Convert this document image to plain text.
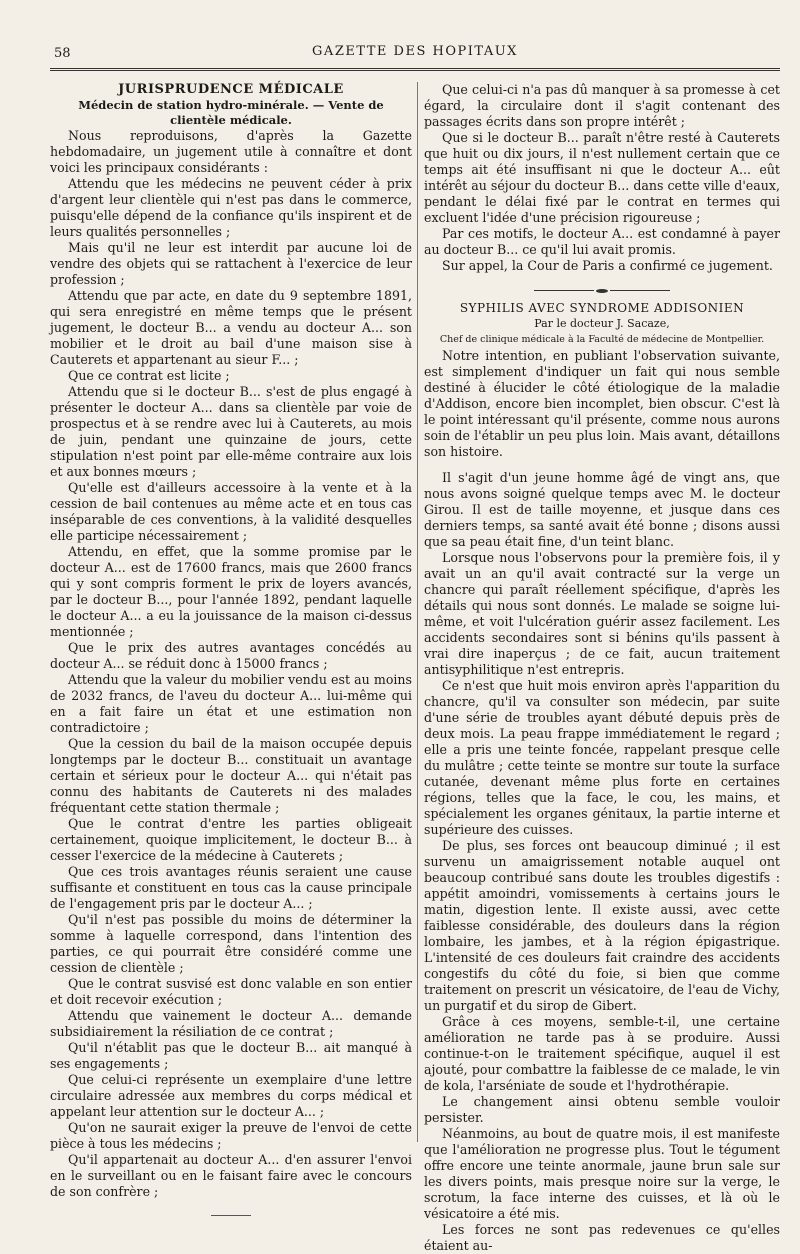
58	GAZETTE DES HOPITAUX

JURISPRUDENCE MÉDICALE

Médecin de station hydro-minérale. — Vente de clientèle médicale.

Nous reproduisons, d'après la Gazette hebdomadaire, un jugement utile à connaître et dont voici les principaux considérants :

Attendu que les médecins ne peuvent céder à prix d'argent leur clientèle qui n'est pas dans le commerce, puisqu'elle dépend de la confiance qu'ils inspirent et de leurs qualités personnelles ;

Mais qu'il ne leur est interdit par aucune loi de vendre des objets qui se rattachent à l'exercice de leur profession ;

Attendu que par acte, en date du 9 septembre 1891, qui sera enregistré en même temps que le présent jugement, le docteur B... a vendu au docteur A... son mobilier et le droit au bail d'une maison sise à Cauterets et appartenant au sieur F... ;

Que ce contrat est licite ;

Attendu que si le docteur B... s'est de plus engagé à présenter le docteur A... dans sa clientèle par voie de prospectus et à se rendre avec lui à Cauterets, au mois de juin, pendant une quinzaine de jours, cette stipulation n'est point par elle-même contraire aux lois et aux bonnes mœurs ;

Qu'elle est d'ailleurs accessoire à la vente et à la cession de bail contenues au même acte et en tous cas inséparable de ces conventions, à la validité desquelles elle participe nécessairement ;

Attendu, en effet, que la somme promise par le docteur A... est de 17600 francs, mais que 2600 francs qui y sont compris forment le prix de loyers avancés, par le docteur B..., pour l'année 1892, pendant laquelle le docteur A... a eu la jouissance de la maison ci-dessus mentionnée ;

Que le prix des autres avantages concédés au docteur A... se réduit donc à 15000 francs ;

Attendu que la valeur du mobilier vendu est au moins de 2032 francs, de l'aveu du docteur A... lui-même qui en a fait faire un état et une estimation non contradictoire ;

Que la cession du bail de la maison occupée depuis longtemps par le docteur B... constituait un avantage certain et sérieux pour le docteur A... qui n'était pas connu des habitants de Cauterets ni des malades fréquentant cette station thermale ;

Que le contrat d'entre les parties obligeait certainement, quoique implicitement, le docteur B... à cesser l'exercice de la médecine à Cauterets ;

Que ces trois avantages réunis seraient une cause suffisante et constituent en tous cas la cause principale de l'engagement pris par le docteur A... ;

Qu'il n'est pas possible du moins de déterminer la somme à laquelle correspond, dans l'intention des parties, ce qui pourrait être considéré comme une cession de clientèle ;

Que le contrat susvisé est donc valable en son entier et doit recevoir exécution ;

Attendu que vainement le docteur A... demande subsidiairement la résiliation de ce contrat ;

Qu'il n'établit pas que le docteur B... ait manqué à ses engagements ;

Que celui-ci représente un exemplaire d'une lettre circulaire adressée aux membres du corps médical et appelant leur attention sur le docteur A... ;

Qu'on ne saurait exiger la preuve de l'envoi de cette pièce à tous les médecins ;

Qu'il appartenait au docteur A... d'en assurer l'envoi en le surveillant ou en le faisant faire avec le concours de son confrère ;

Que celui-ci n'a pas dû manquer à sa promesse à cet égard, la circulaire dont il s'agit contenant des passages écrits dans son propre intérêt ;

Que si le docteur B... paraît n'être resté à Cauterets que huit ou dix jours, il n'est nullement certain que ce temps ait été insuffisant ni que le docteur A... eût intérêt au séjour du docteur B... dans cette ville d'eaux, pendant le délai fixé par le contrat en termes qui excluent l'idée d'une précision rigoureuse ;

Par ces motifs, le docteur A... est condamné à payer au docteur B... ce qu'il lui avait promis.

Sur appel, la Cour de Paris a confirmé ce jugement.

SYPHILIS AVEC SYNDROME ADDISONIEN

Par le docteur J. Sacaze,

Chef de clinique médicale à la Faculté de médecine de Montpellier.

Notre intention, en publiant l'observation suivante, est simplement d'indiquer un fait qui nous semble destiné à élucider le côté étiologique de la maladie d'Addison, encore bien incomplet, bien obscur. C'est là le point intéressant qu'il présente, comme nous aurons soin de l'établir un peu plus loin. Mais avant, détaillons son histoire.

Il s'agit d'un jeune homme âgé de vingt ans, que nous avons soigné quelque temps avec M. le docteur Girou. Il est de taille moyenne, et jusque dans ces derniers temps, sa santé avait été bonne ; disons aussi que sa peau était fine, d'un teint blanc.

Lorsque nous l'observons pour la première fois, il y avait un an qu'il avait contracté sur la verge un chancre qui paraît réellement spécifique, d'après les détails qui nous sont donnés. Le malade se soigne lui-même, et voit l'ulcération guérir assez facilement. Les accidents secondaires sont si bénins qu'ils passent à vrai dire inaperçus ; de ce fait, aucun traitement antisyphilitique n'est entrepris.

Ce n'est que huit mois environ après l'apparition du chancre, qu'il va consulter son médecin, par suite d'une série de troubles ayant débuté depuis près de deux mois. La peau frappe immédiatement le regard ; elle a pris une teinte foncée, rappelant presque celle du mulâtre ; cette teinte se montre sur toute la surface cutanée, devenant même plus forte en certaines régions, telles que la face, le cou, les mains, et spécialement les organes génitaux, la partie interne et supérieure des cuisses.

De plus, ses forces ont beaucoup diminué ; il est survenu un amaigrissement notable auquel ont beaucoup contribué sans doute les troubles digestifs : appétit amoindri, vomissements à certains jours le matin, digestion lente. Il existe aussi, avec cette faiblesse considérable, des douleurs dans la région lombaire, les jambes, et à la région épigastrique. L'intensité de ces douleurs fait craindre des accidents congestifs du côté du foie, si bien que comme traitement on prescrit un vésicatoire, de l'eau de Vichy, un purgatif et du sirop de Gibert.

Grâce à ces moyens, semble-t-il, une certaine amélioration ne tarde pas à se produire. Aussi continue-t-on le traitement spécifique, auquel il est ajouté, pour combattre la faiblesse de ce malade, le vin de kola, l'arséniate de soude et l'hydrothérapie.

Le changement ainsi obtenu semble vouloir persister.

Néanmoins, au bout de quatre mois, il est manifeste que l'amélioration ne progresse plus. Tout le tégument offre encore une teinte anormale, jaune brun sale sur les divers points, mais presque noire sur la verge, le scrotum, la face interne des cuisses, et là où le vésicatoire a été mis.

Les forces ne sont pas redevenues ce qu'elles étaient au-
